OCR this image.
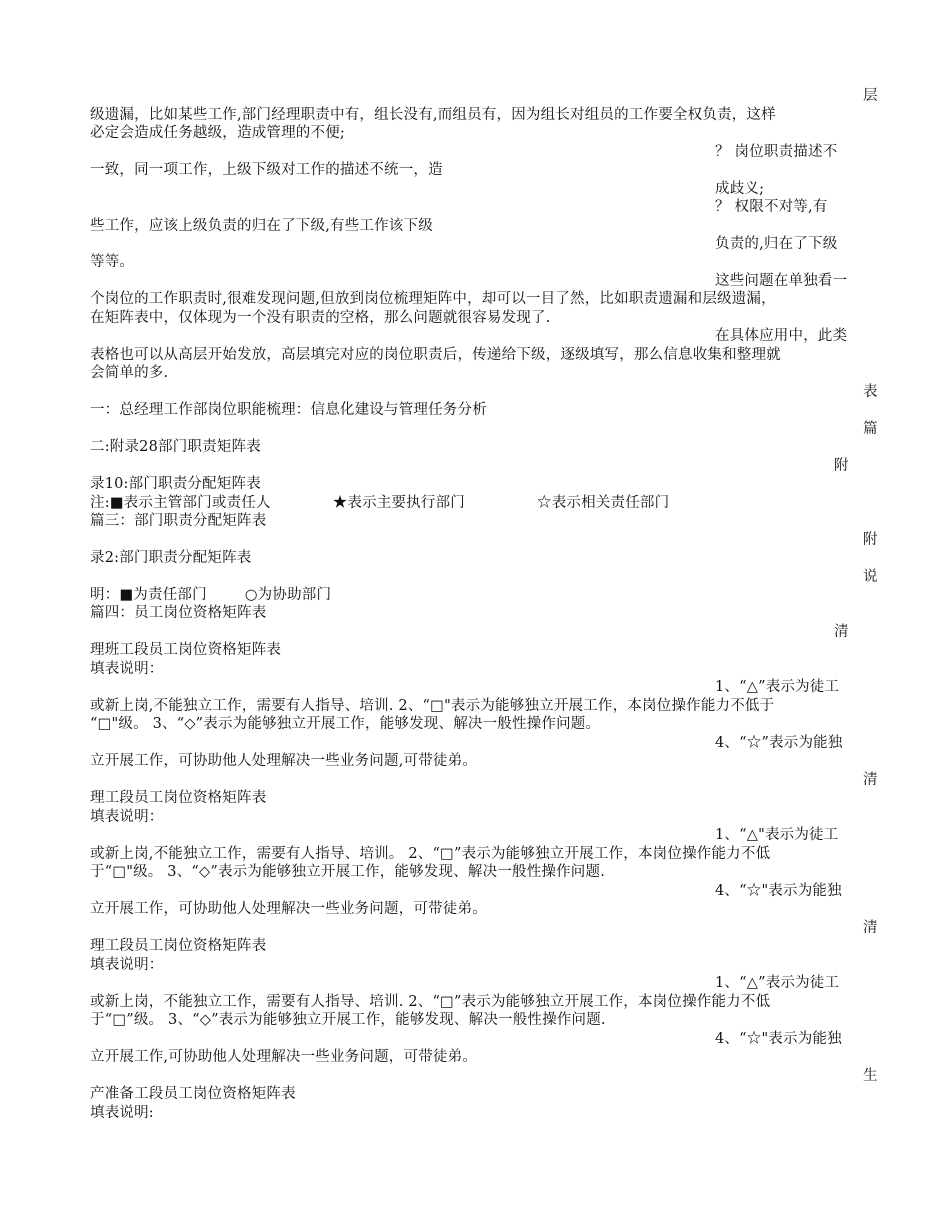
层
级遗漏，比如某些工作,部门经理职责中有，组长没有,而组员有，因为组长对组员的工作要全权负责，这样
必定会造成任务越级，造成管理的不便;
？ 岗位职责描述不
一致，同一项工作，上级下级对工作的描述不统一，造
成歧义;
？ 权限不对等,有
些工作，应该上级负责的归在了下级,有些工作该下级
负责的,归在了下级
等等。
这些问题在单独看一
个岗位的工作职责时,很难发现问题,但放到岗位梳理矩阵中，却可以一目了然，比如职责遗漏和层级遗漏，
在矩阵表中，仅体现为一个没有职责的空格，那么问题就很容易发现了.
在具体应用中，此类
表格也可以从高层开始发放，高层填完对应的岗位职责后，传递给下级，逐级填写，那么信息收集和整理就
会简单的多.
表
一：总经理工作部岗位职能梳理：信息化建设与管理任务分析
篇
二:附录28部门职责矩阵表
附
录10:部门职责分配矩阵表
注:■表示主管部门或责任人	★表示主要执行部门	☆表示相关责任部门
篇三：部门职责分配矩阵表
附
录2:部门职责分配矩阵表
说
明：■为责任部门	○为协助部门
篇四：员工岗位资格矩阵表
清
理班工段员工岗位资格矩阵表
填表说明：
1、“△”表示为徒工
或新上岗,不能独立工作，需要有人指导、培训. 2、“□"表示为能够独立开展工作，本岗位操作能力不低于
“□"级。 3、“◇”表示为能够独立开展工作，能够发现、解决一般性操作问题。
4、“☆”表示为能独
立开展工作，可协助他人处理解决一些业务问题,可带徒弟。
清
理工段员工岗位资格矩阵表
填表说明：
1、“△"表示为徒工
或新上岗,不能独立工作，需要有人指导、培训。 2、“□”表示为能够独立开展工作，本岗位操作能力不低
于“□"级。 3、“◇”表示为能够独立开展工作，能够发现、解决一般性操作问题.
4、“☆"表示为能独
立开展工作，可协助他人处理解决一些业务问题，可带徒弟。
清
理工段员工岗位资格矩阵表
填表说明：
1、“△”表示为徒工
或新上岗，不能独立工作，需要有人指导、培训. 2、“□”表示为能够独立开展工作，本岗位操作能力不低
于“□”级。 3、“◇”表示为能够独立开展工作，能够发现、解决一般性操作问题.
4、“☆"表示为能独
立开展工作,可协助他人处理解决一些业务问题，可带徒弟。
生
产准备工段员工岗位资格矩阵表
填表说明:
